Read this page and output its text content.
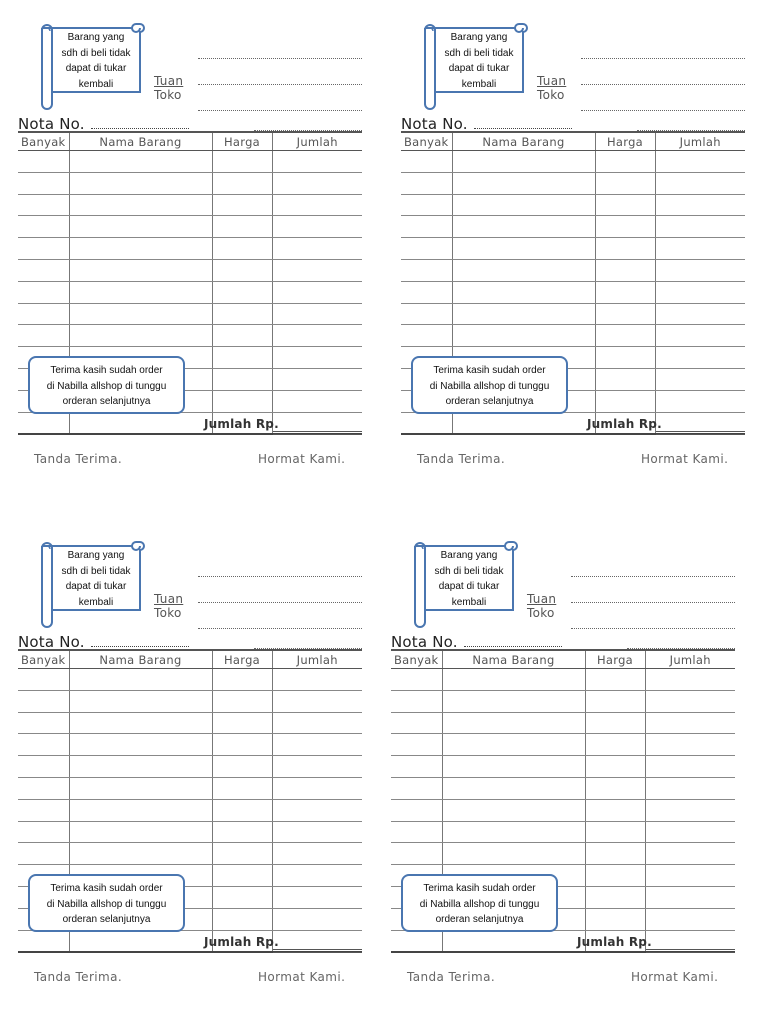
Barang yang
sdh di beli tidak
dapat di tukar
kembali	Tuan
Toko
Nota No.
Banyak	Nama Barang	Harga	Jumlah

Terima kasih sudah order
di Nabilla allshop di tunggu
orderan selanjutnya
Jumlah Rp.
Tanda Terima.	Hormat Kami.
Barang yang
sdh di beli tidak
dapat di tukar
kembali	Tuan
Toko
Nota No.
Banyak	Nama Barang	Harga	Jumlah

Terima kasih sudah order
di Nabilla allshop di tunggu
orderan selanjutnya
Jumlah Rp.
Tanda Terima.	Hormat Kami.
Barang yang
sdh di beli tidak
dapat di tukar
kembali	Tuan
Toko
Nota No.
Banyak	Nama Barang	Harga	Jumlah

Terima kasih sudah order
di Nabilla allshop di tunggu
orderan selanjutnya
Jumlah Rp.
Tanda Terima.	Hormat Kami.
Barang yang
sdh di beli tidak
dapat di tukar
kembali	Tuan
Toko
Nota No.
Banyak	Nama Barang	Harga	Jumlah

Terima kasih sudah order
di Nabilla allshop di tunggu
orderan selanjutnya
Jumlah Rp.
Tanda Terima.	Hormat Kami.
